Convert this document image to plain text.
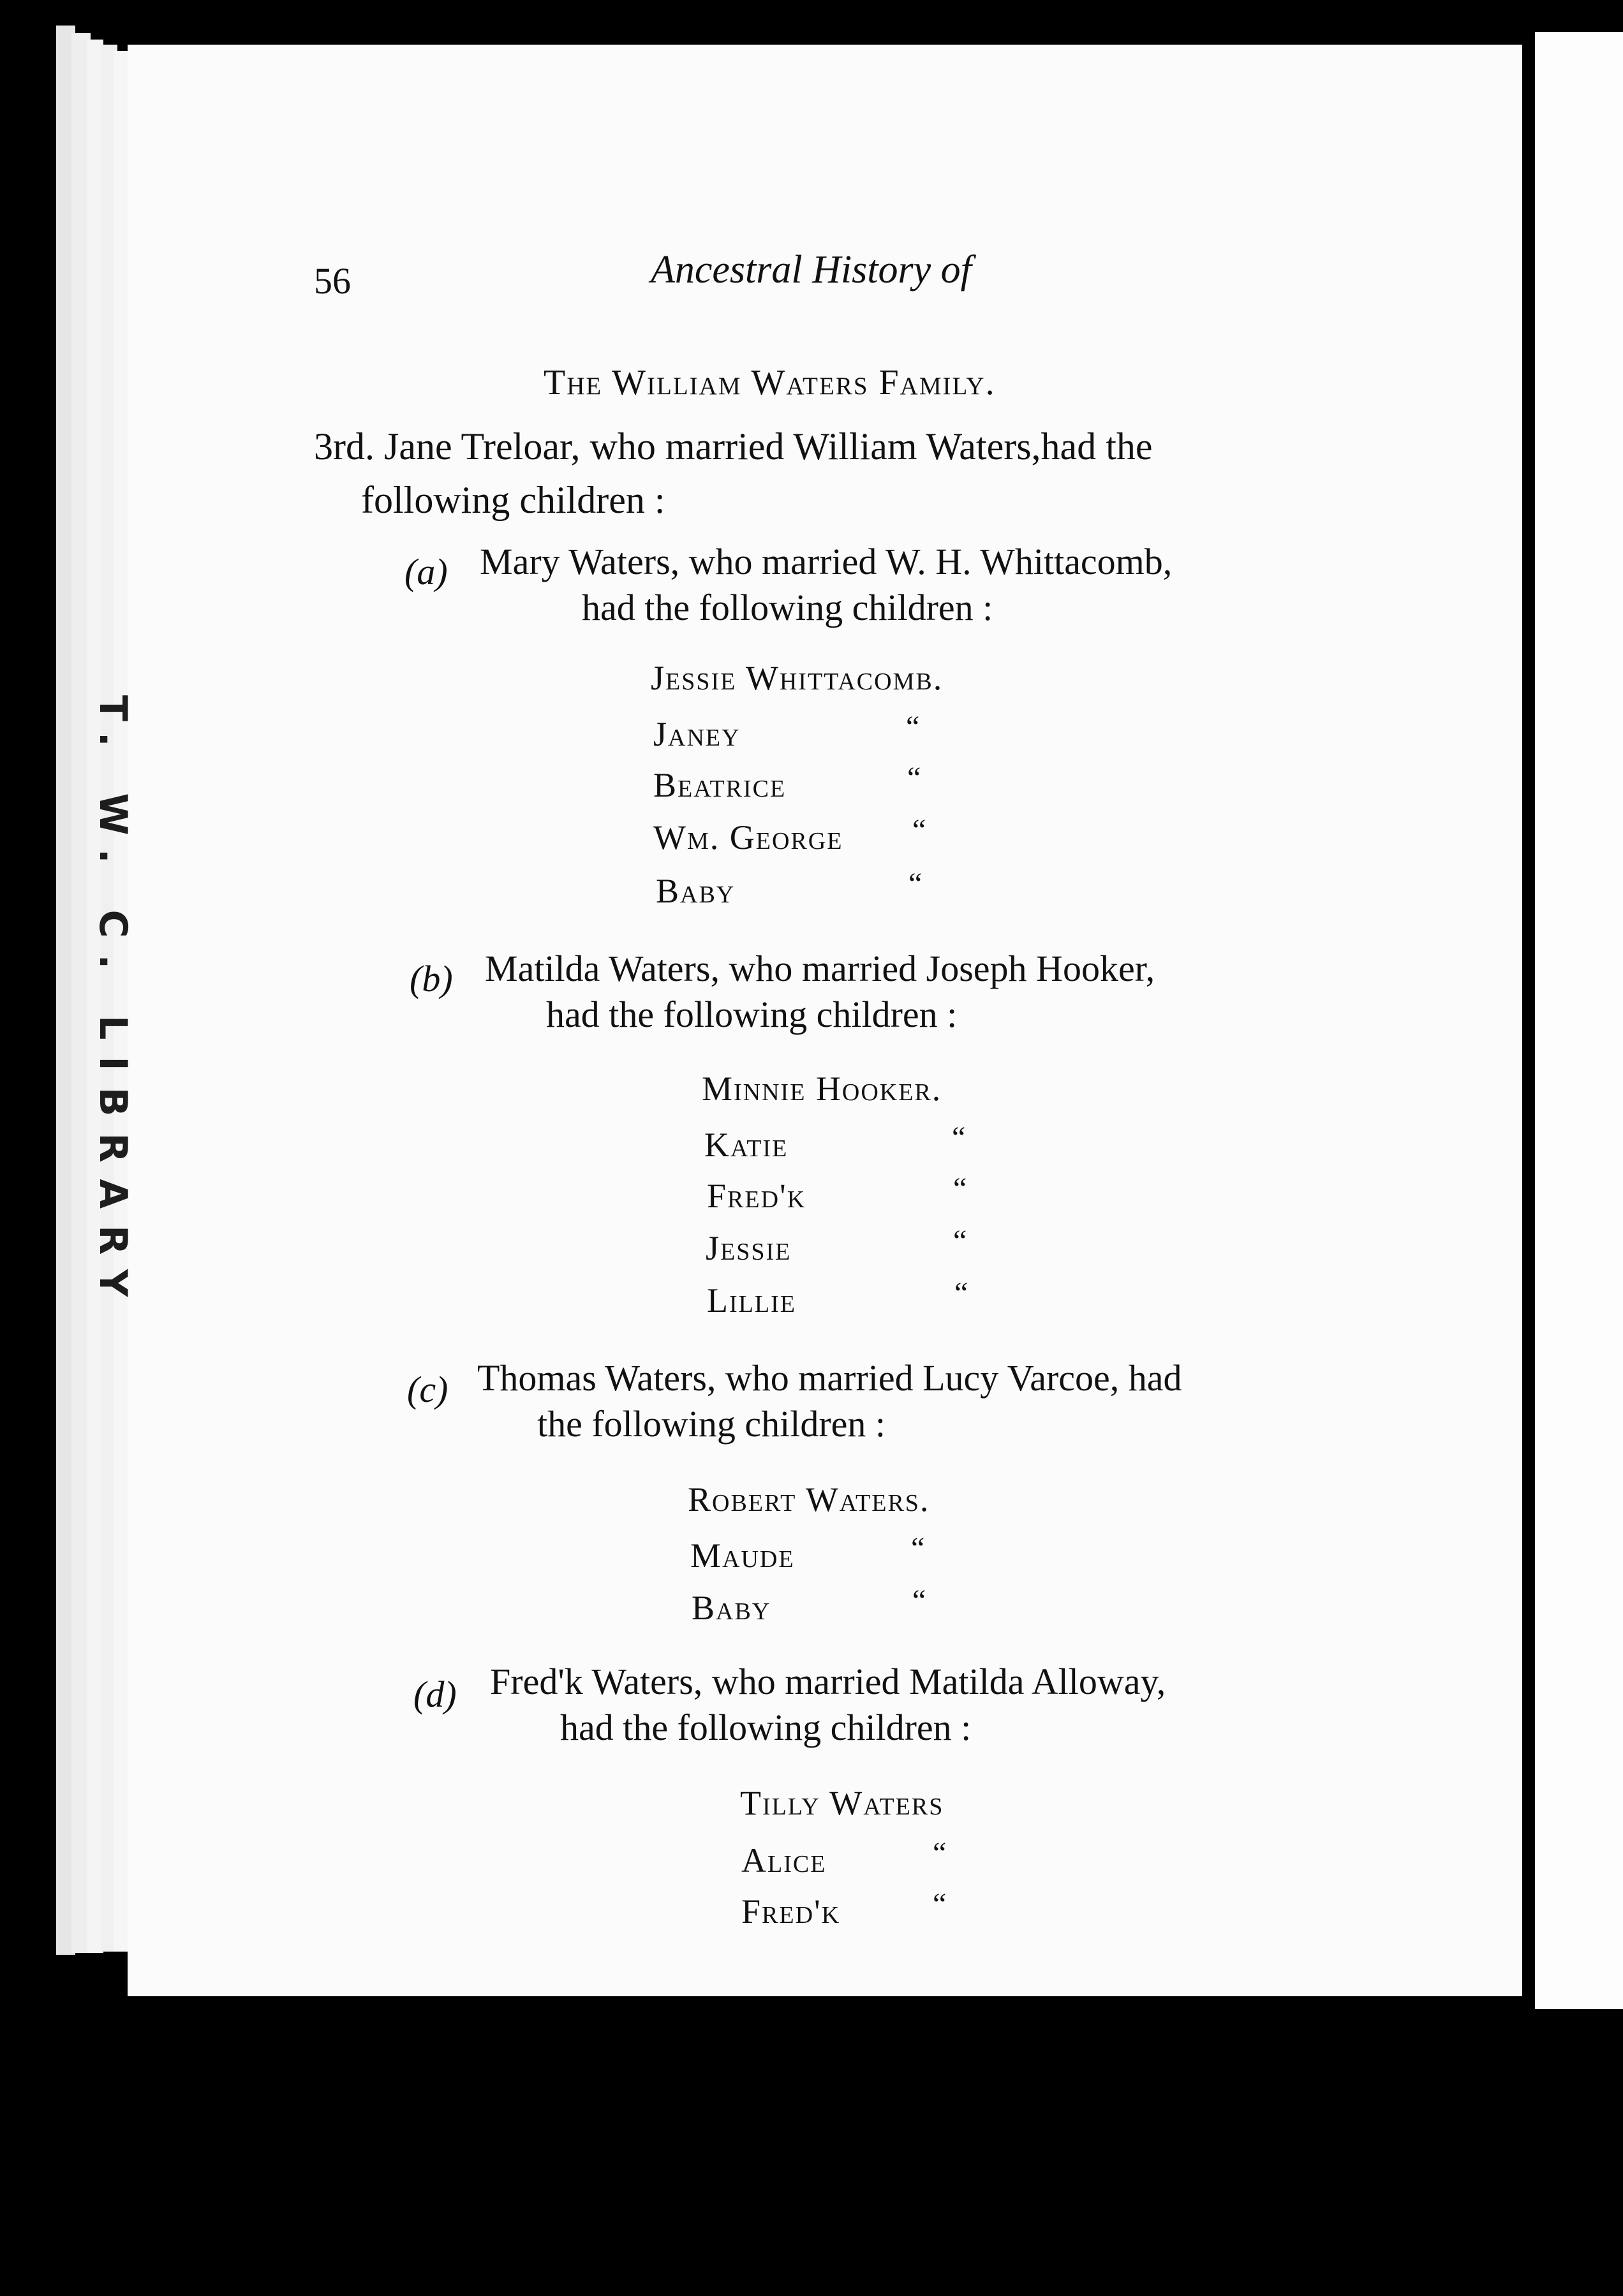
T. W. C. LIBRARY
56	Ancestral History of
The William Waters Family.
3rd. Jane Treloar, who married William Waters,had the
following children :
(a) Mary Waters, who married W. H. Whittacomb,
had the following children :
Jessie Whittacomb.
Janey
Beatrice
Wm. George
Baby
“
“
“
“
(b) Matilda Waters, who married Joseph Hooker,
had the following children :
Minnie Hooker.
Katie
Fred'k
Jessie
Lillie
“
“
“
“
(c) Thomas Waters, who married Lucy Varcoe, had
the following children :
Robert Waters.
Maude
Baby
“
“
(d) Fred'k Waters, who married Matilda Alloway,
had the following children :
Tilly Waters
Alice
Fred'k
“
“
